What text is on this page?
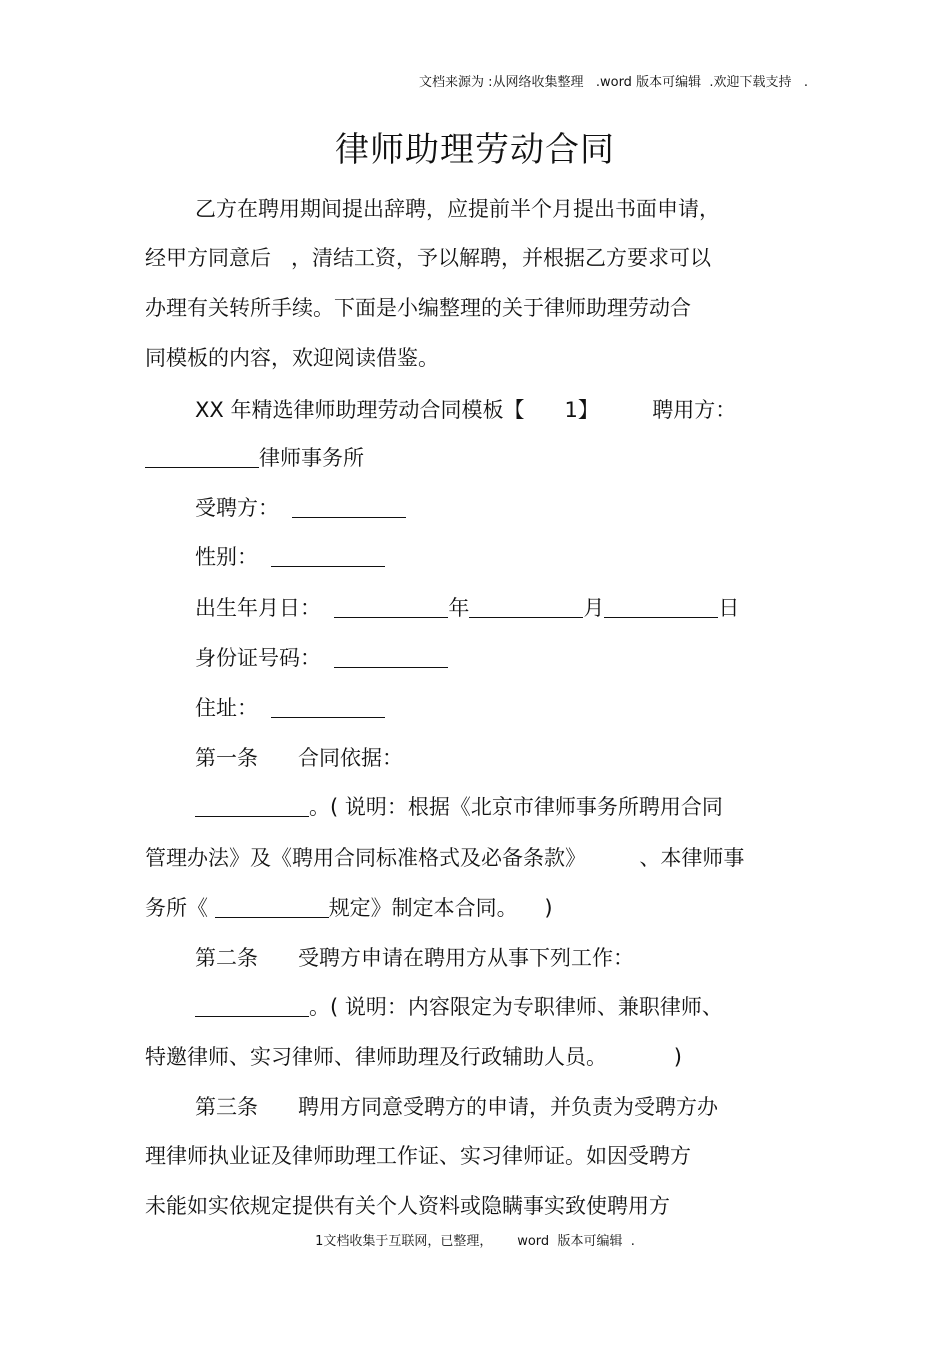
文档来源为 :从网络收集整理   .word 版本可编辑  .欢迎下载支持   .
律师助理劳动合同
乙方在聘用期间提出辞聘，应提前半个月提出书面申请，
经甲方同意后   ，清结工资，予以解聘，并根据乙方要求可以
办理有关转所手续。下面是小编整理的关于律师助理劳动合
同模板的内容，欢迎阅读借鉴。
XX 年精选律师助理劳动合同模板【      1】        聘用方：
律师事务所
受聘方：
性别：
出生年月日：	年	月	日
身份证号码：
住址：
第一条      合同依据：
。( 说明：根据《北京市律师事务所聘用合同
管理办法》及《聘用合同标准格式及必备条款》        、本律师事
务所《	规定》制定本合同。    )
第二条      受聘方申请在聘用方从事下列工作：
。( 说明：内容限定为专职律师、兼职律师、
特邀律师、实习律师、律师助理及行政辅助人员。          )
第三条      聘用方同意受聘方的申请，并负责为受聘方办
理律师执业证及律师助理工作证、实习律师证。如因受聘方
未能如实依规定提供有关个人资料或隐瞒事实致使聘用方
1文档收集于互联网，已整理，      word  版本可编辑  .
